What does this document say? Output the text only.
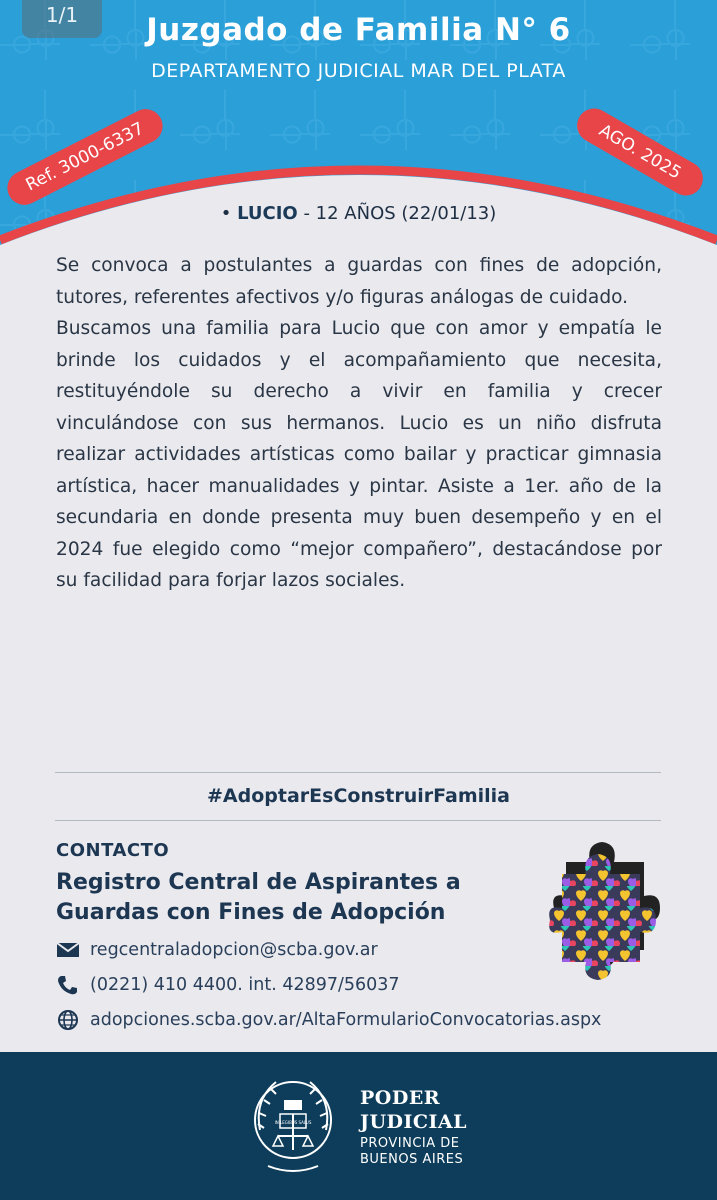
1/1	Juzgado de Familia N° 6
DEPARTAMENTO JUDICIAL MAR DEL PLATA
Ref. 3000-6337	AGO. 2025
• LUCIO - 12 AÑOS (22/01/13)

Se convoca a postulantes a guardas con fines de adopción, tutores, referentes afectivos y/o figuras análogas de cuidado.

Buscamos una familia para Lucio que con amor y empatía le brinde los cuidados y el acompañamiento que necesita, restituyéndole su derecho a vivir en familia y crecer vinculándose con sus hermanos. Lucio es un niño disfruta realizar actividades artísticas como bailar y practicar gimnasia artística, hacer manualidades y pintar. Asiste a 1er. año de la secundaria en donde presenta muy buen desempeño y en el 2024 fue elegido como “mejor compañero”, destacándose por su facilidad para forjar lazos sociales.

#AdoptarEsConstruirFamilia
CONTACTO
Registro Central de Aspirantes a Guardas con Fines de Adopción
regcentraladopcion@scba.gov.ar
(0221) 410 4400. int. 42897/56037
adopciones.scba.gov.ar/AltaFormularioConvocatorias.aspx
IN LEGIBUS SALUS
PODER
JUDICIAL
PROVINCIA DE
BUENOS AIRES
